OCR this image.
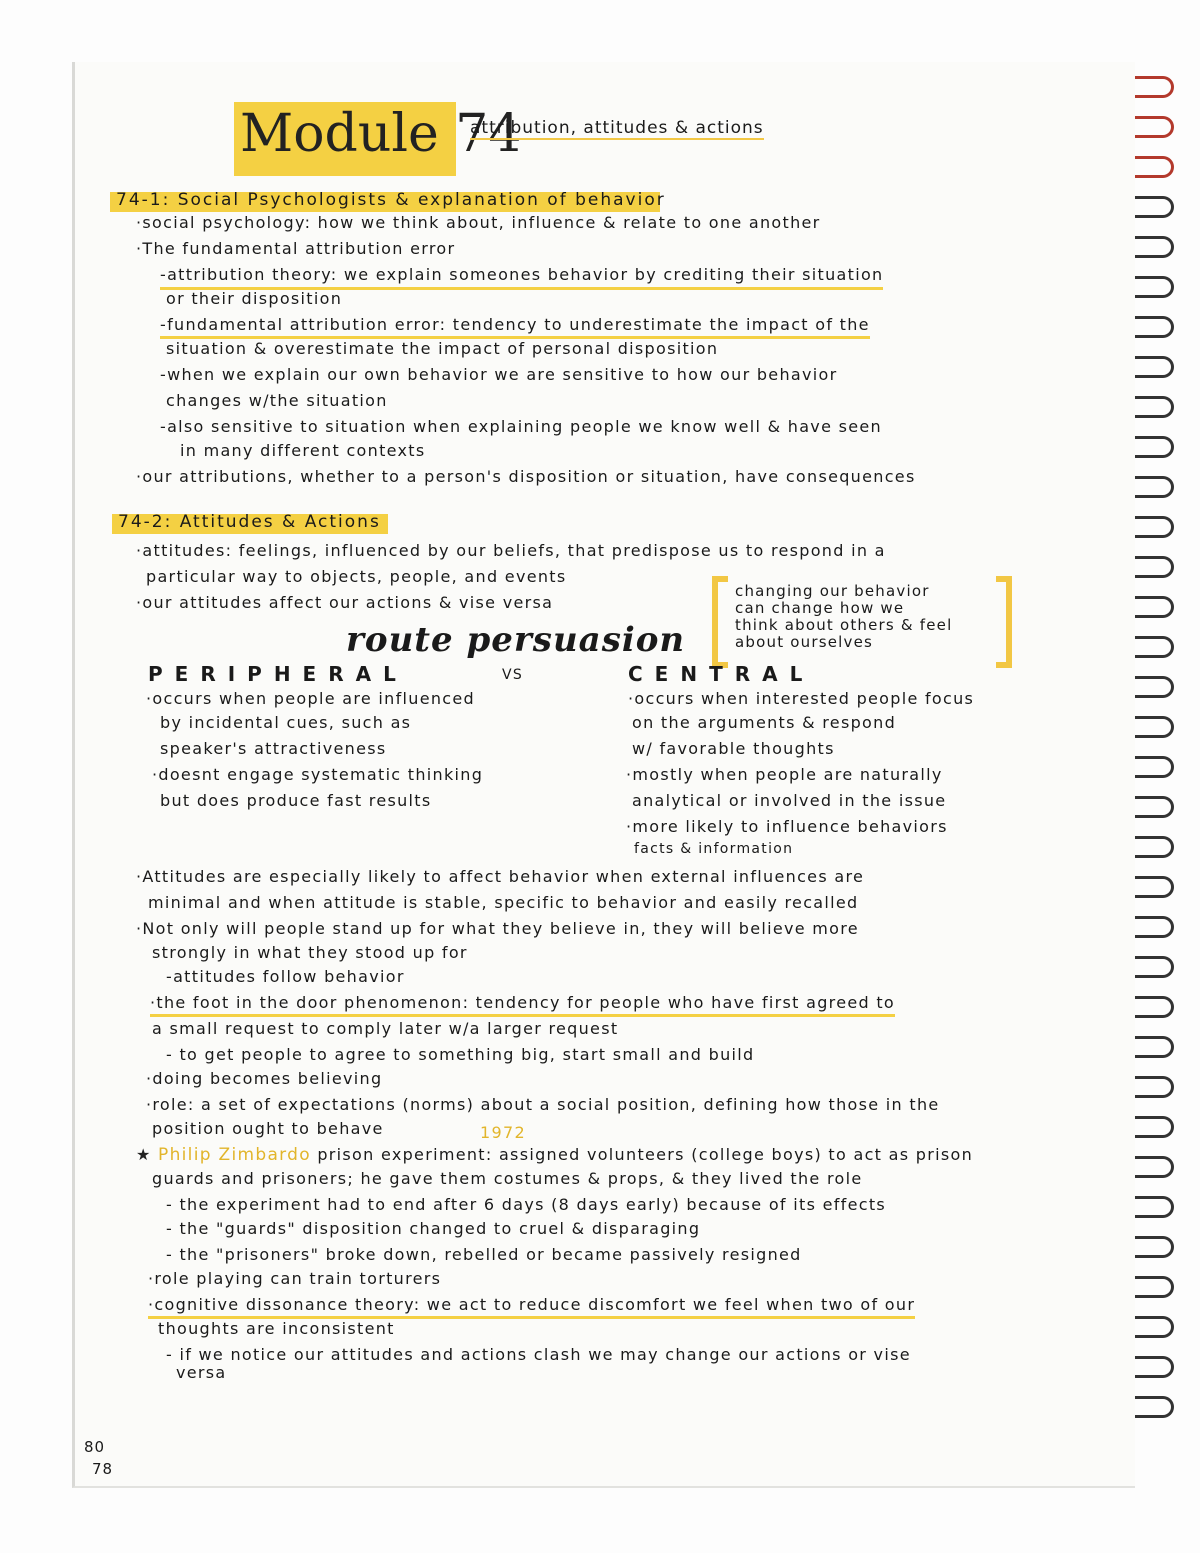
Module 74
attribution, attitudes & actions
74-1: Social Psychologists & explanation of behavior
·social psychology: how we think about, influence & relate to one another
·The fundamental attribution error
-attribution theory: we explain someones behavior by crediting their situation
or their disposition
-fundamental attribution error: tendency to underestimate the impact of the
situation & overestimate the impact of personal disposition
-when we explain our own behavior we are sensitive to how our behavior
changes w/the situation
-also sensitive to situation when explaining people we know well & have seen
in many different contexts
·our attributions, whether to a person's disposition or situation, have consequences
74-2: Attitudes & Actions
·attitudes: feelings, influenced by our beliefs, that predispose us to respond in a
particular way to objects, people, and events
·our attitudes affect our actions & vise versa
changing our behavior
can change how we
think about others & feel
about ourselves
route persuasion
PERIPHERAL	VS	CENTRAL
·occurs when people are influenced
by incidental cues, such as
speaker's attractiveness
·doesnt engage systematic thinking
but does produce fast results
·occurs when interested people focus
on the arguments & respond
w/ favorable thoughts
·mostly when people are naturally
analytical or involved in the issue
·more likely to influence behaviors
facts & information
·Attitudes are especially likely to affect behavior when external influences are
minimal and when attitude is stable, specific to behavior and easily recalled
·Not only will people stand up for what they believe in, they will believe more
strongly in what they stood up for
-attitudes follow behavior
·the foot in the door phenomenon: tendency for people who have first agreed to
a small request to comply later w/a larger request
- to get people to agree to something big, start small and build
·doing becomes believing
·role: a set of expectations (norms) about a social position, defining how those in the
position ought to behave	1972
★ Philip Zimbardo prison experiment: assigned volunteers (college boys) to act as prison
guards and prisoners; he gave them costumes & props, & they lived the role
- the experiment had to end after 6 days (8 days early) because of its effects
- the "guards" disposition changed to cruel & disparaging
- the "prisoners" broke down, rebelled or became passively resigned
·role playing can train torturers
·cognitive dissonance theory: we act to reduce discomfort we feel when two of our
thoughts are inconsistent
- if we notice our attitudes and actions clash we may change our actions or vise
versa
80
78
